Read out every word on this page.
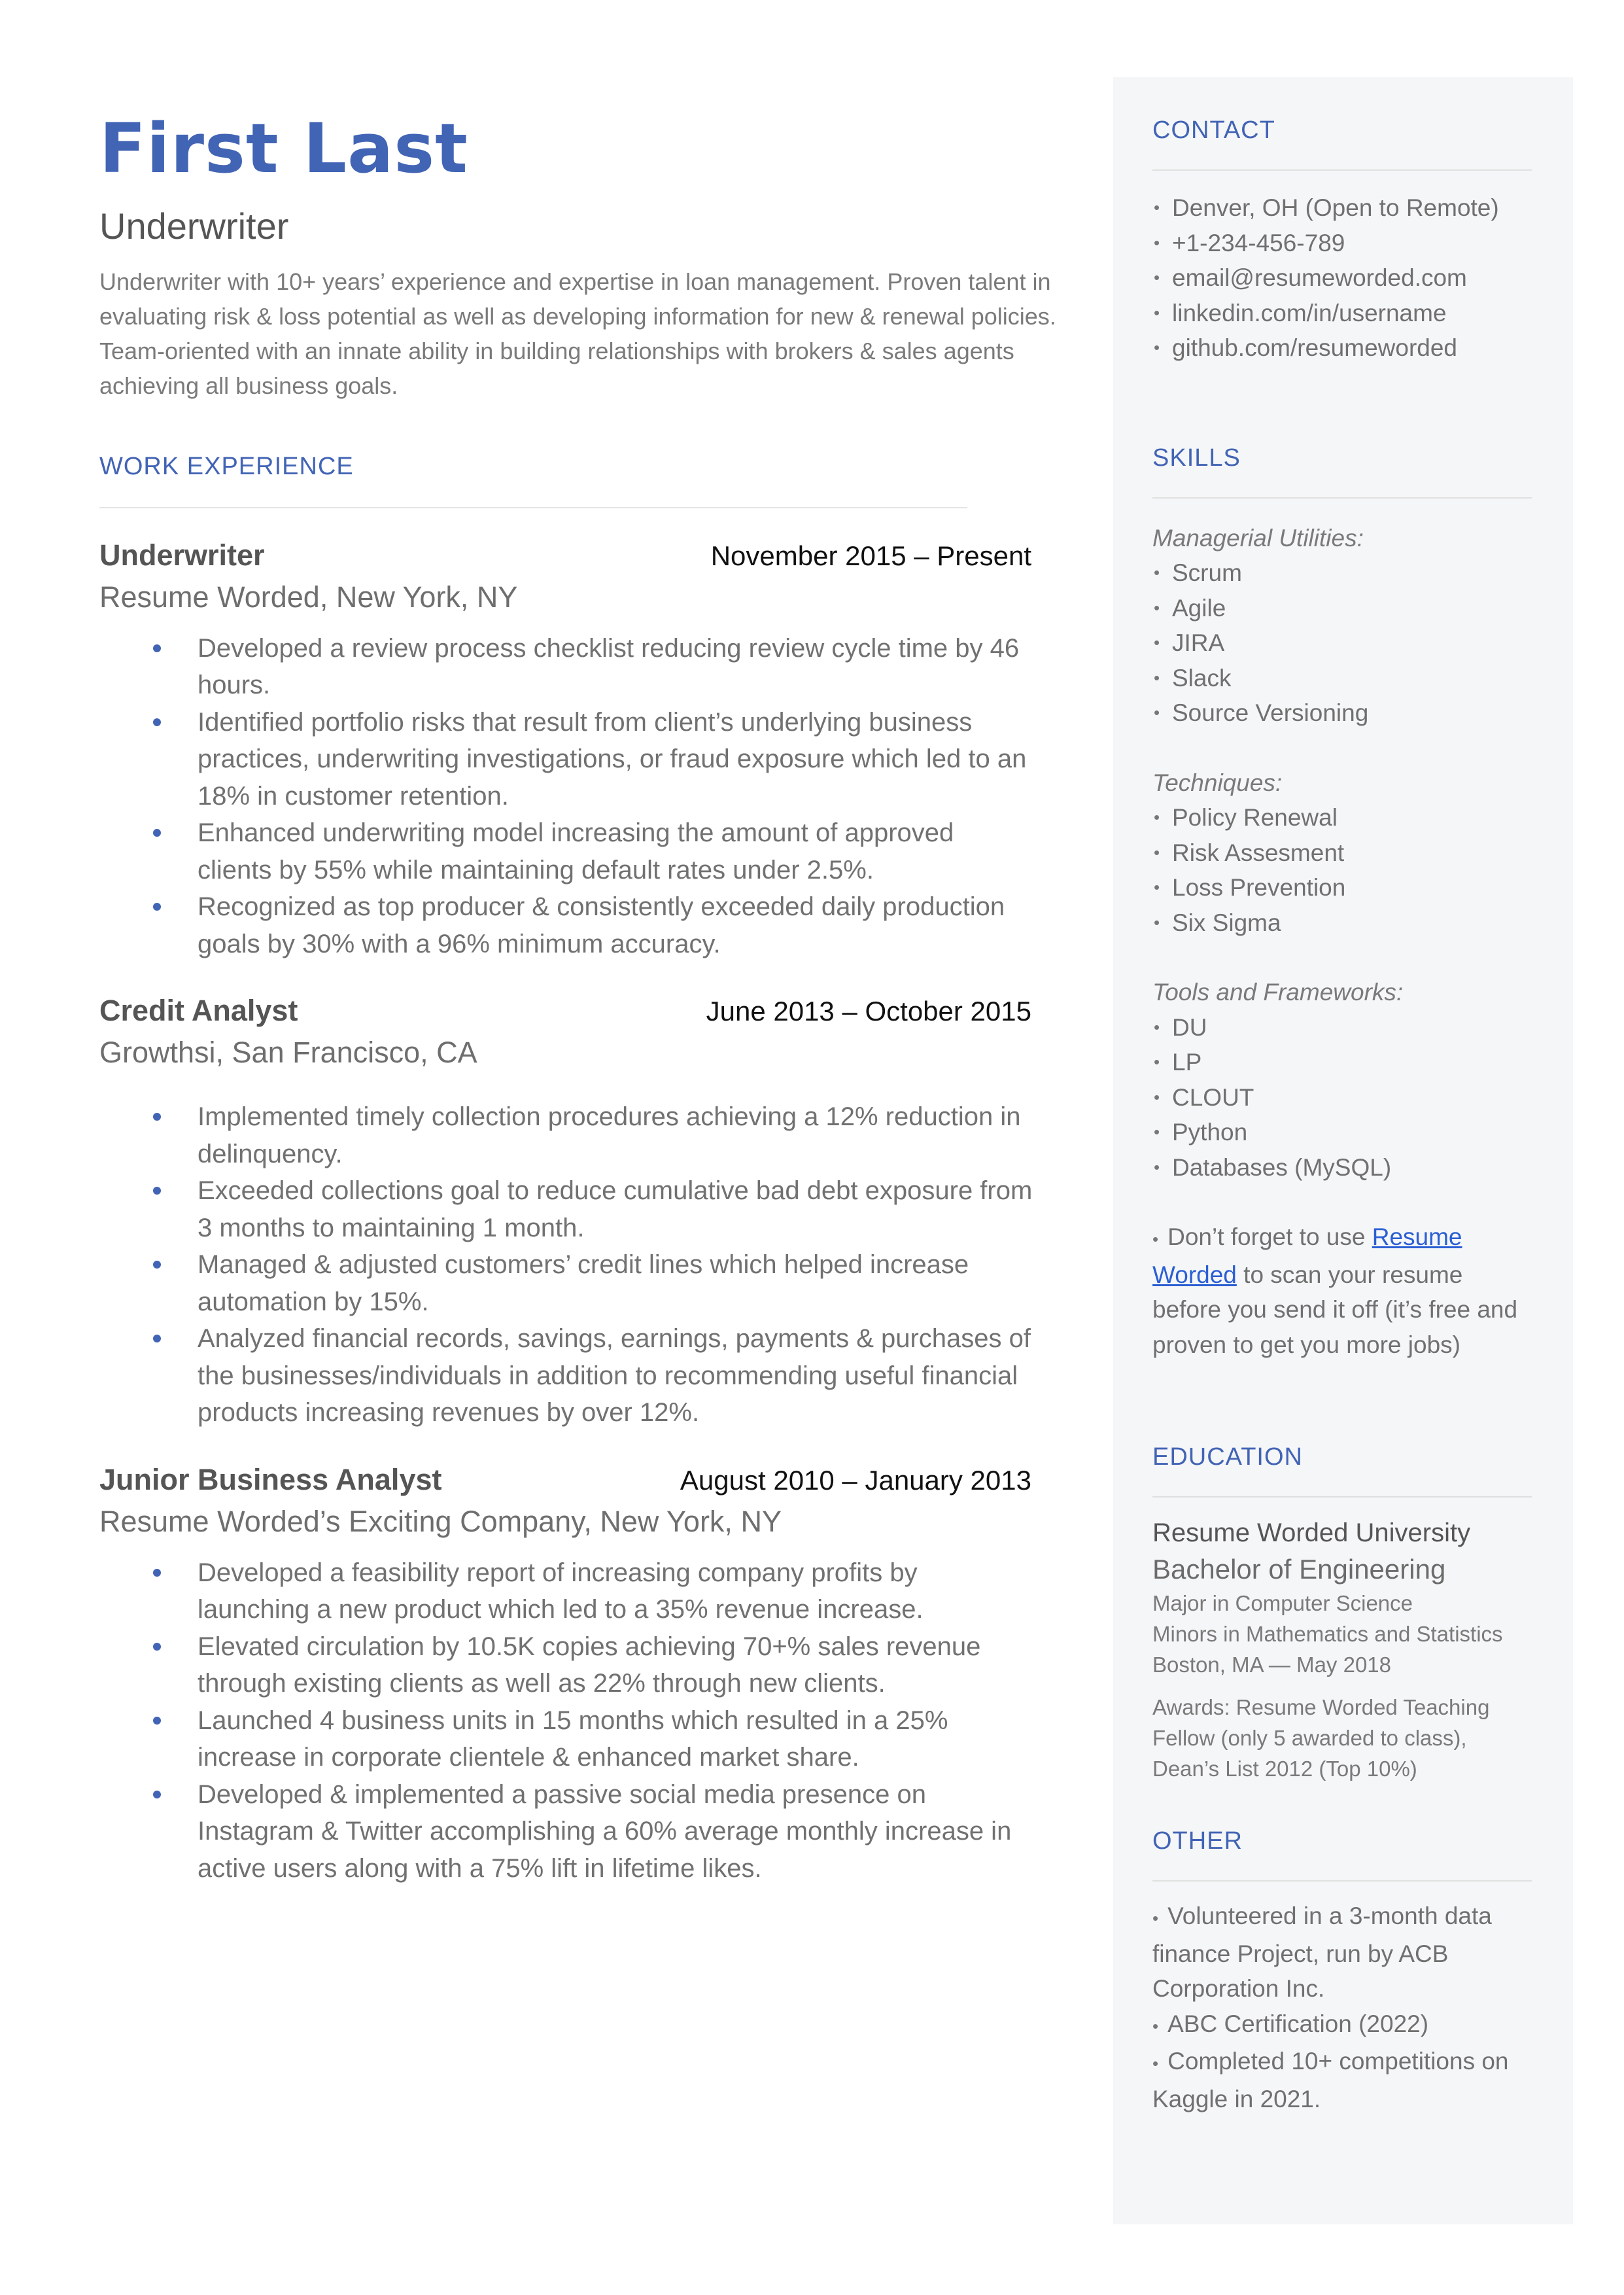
First Last
Underwriter
Underwriter with 10+ years’ experience and expertise in loan management. Proven talent in evaluating risk & loss potential as well as developing information for new & renewal policies. Team-oriented with an innate ability in building relationships with brokers & sales agents achieving all business goals.
WORK EXPERIENCE
Underwriter	November 2015 – Present
Resume Worded, New York, NY
Developed a review process checklist reducing review cycle time by 46 hours.
Identified portfolio risks that result from client’s underlying business practices, underwriting investigations, or fraud exposure which led to an 18% in customer retention.
Enhanced underwriting model increasing the amount of approved clients by 55% while maintaining default rates under 2.5%.
Recognized as top producer & consistently exceeded daily production goals by 30% with a 96% minimum accuracy.
Credit Analyst	June 2013 – October 2015
Growthsi, San Francisco, CA
Implemented timely collection procedures achieving a 12% reduction in delinquency.
Exceeded collections goal to reduce cumulative bad debt exposure from 3 months to maintaining 1 month.
Managed & adjusted customers’ credit lines which helped increase automation by 15%.
Analyzed financial records, savings, earnings, payments & purchases of the businesses/individuals in addition to recommending useful financial products increasing revenues by over 12%.
Junior Business Analyst	August 2010 – January 2013
Resume Worded’s Exciting Company, New York, NY
Developed a feasibility report of increasing company profits by launching a new product which led to a 35% revenue increase.
Elevated circulation by 10.5K copies achieving 70+% sales revenue through existing clients as well as 22% through new clients.
Launched 4 business units in 15 months which resulted in a 25% increase in corporate clientele & enhanced market share.
Developed & implemented a passive social media presence on Instagram & Twitter accomplishing a 60% average monthly increase in active users along with a 75% lift in lifetime likes.
CONTACT
• Denver, OH (Open to Remote)
• +1-234-456-789
• email@resumeworded.com
• linkedin.com/in/username
• github.com/resumeworded
SKILLS
Managerial Utilities:
• Scrum
• Agile
• JIRA
• Slack
• Source Versioning
Techniques:
• Policy Renewal
• Risk Assesment
• Loss Prevention
• Six Sigma
Tools and Frameworks:
• DU
• LP
• CLOUT
• Python
• Databases (MySQL)
• Don’t forget to use Resume Worded to scan your resume before you send it off (it’s free and proven to get you more jobs)
EDUCATION
Resume Worded University
Bachelor of Engineering
Major in Computer Science
Minors in Mathematics and Statistics
Boston, MA — May 2018
Awards: Resume Worded Teaching Fellow (only 5 awarded to class), Dean’s List 2012 (Top 10%)
OTHER
• Volunteered in a 3-month data finance Project, run by ACB Corporation Inc.
• ABC Certification (2022)
• Completed 10+ competitions on Kaggle in 2021.
